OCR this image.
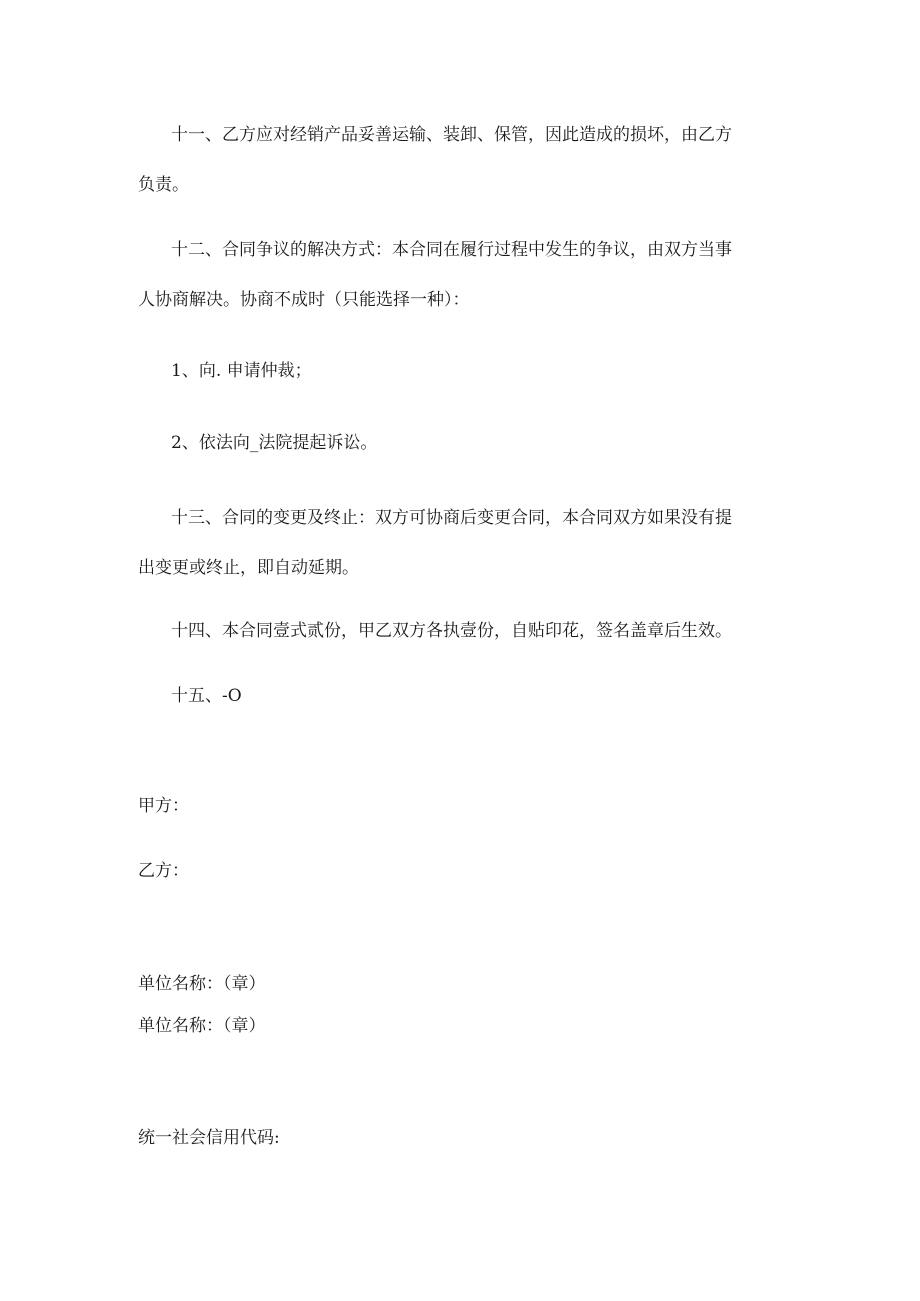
十一、乙方应对经销产品妥善运输、装卸、保管，因此造成的损坏，由乙方

负责。

十二、合同争议的解决方式：本合同在履行过程中发生的争议，由双方当事

人协商解决。协商不成时（只能选择一种）：

1、向. 申请仲裁；

2、依法向_法院提起诉讼。

十三、合同的变更及终止：双方可协商后变更合同，本合同双方如果没有提

出变更或终止，即自动延期。

十四、本合同壹式贰份，甲乙双方各执壹份，自贴印花，签名盖章后生效。

十五、-O

甲方：

乙方：

单位名称：（章）

单位名称：（章）

统一社会信用代码:
